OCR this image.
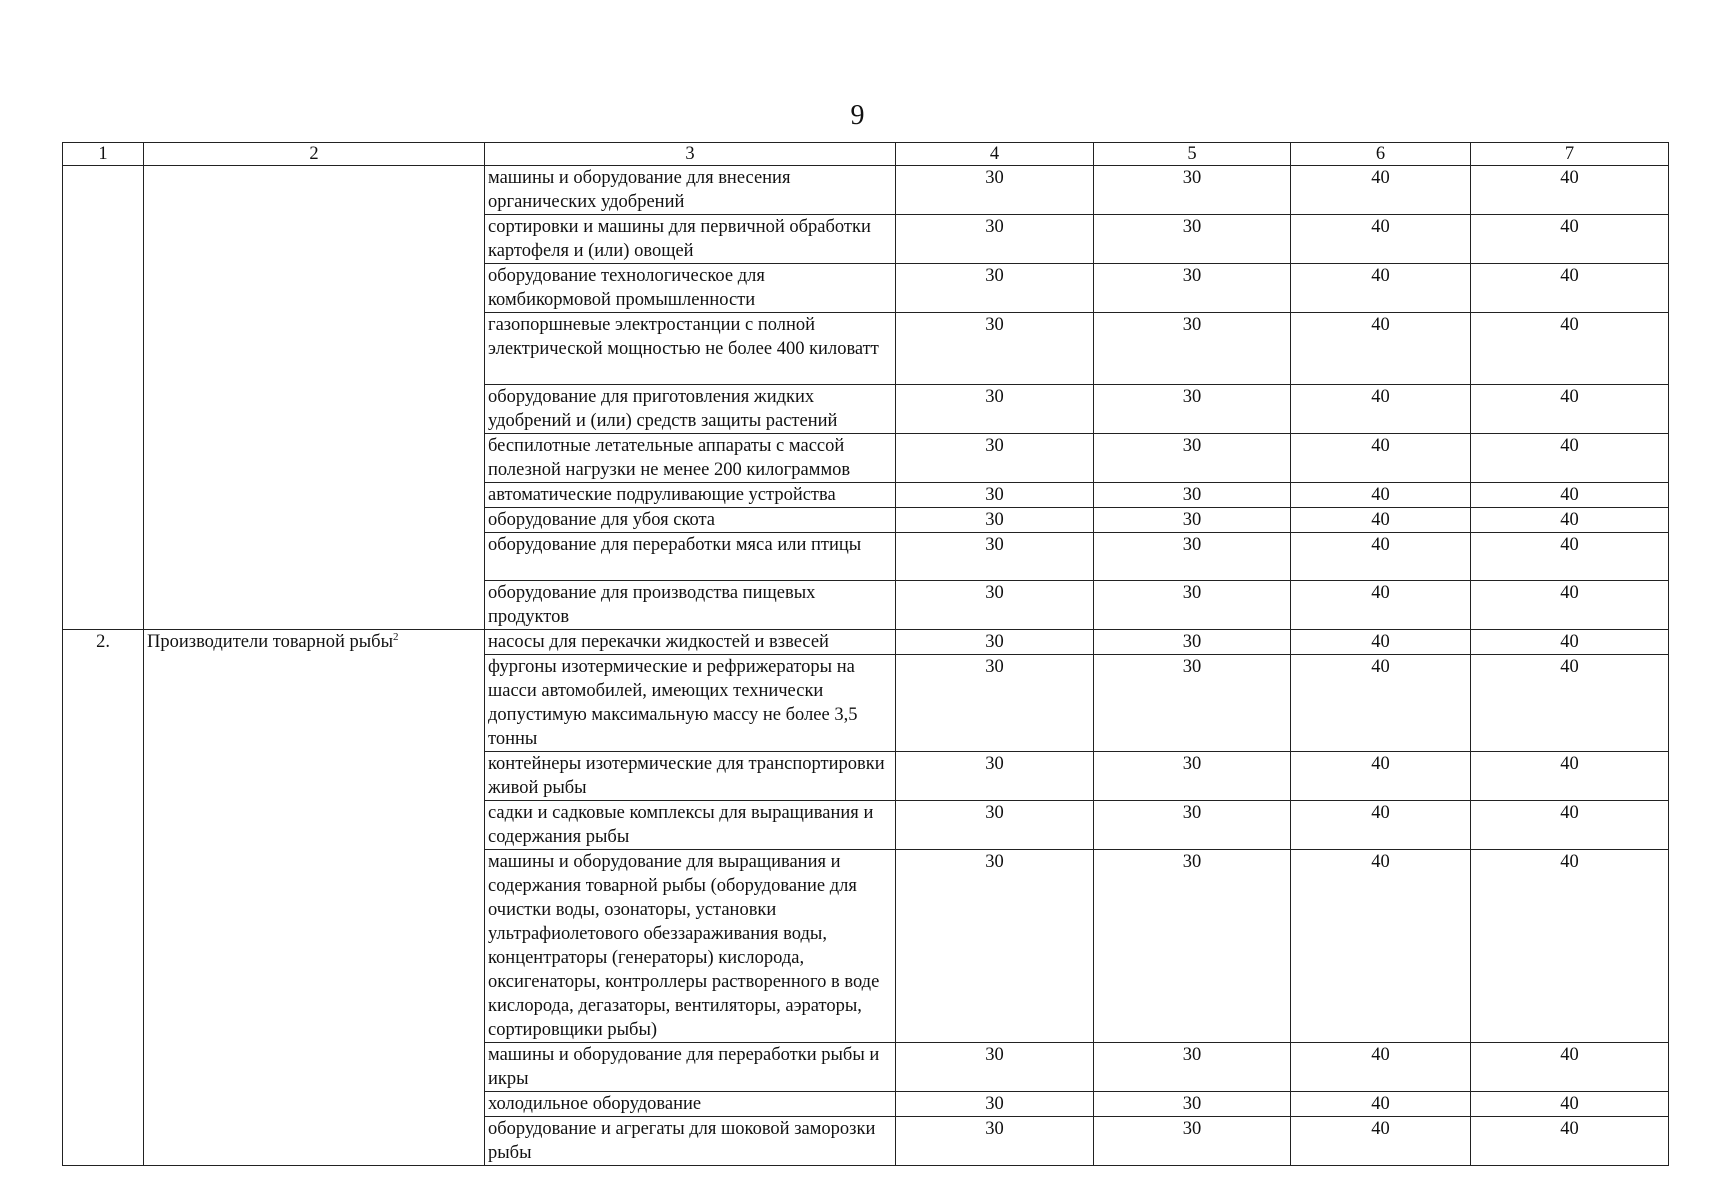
9
1	2	3	4	5	6	7
		машины и оборудование для внесения органических удобрений	30	30	40	40
		сортировки и машины для первичной обработки картофеля и (или) овощей	30	30	40	40
		оборудование технологическое для комбикормовой промышленности	30	30	40	40
		газопоршневые электростанции с полной электрической мощностью не более 400 киловатт	30	30	40	40
		оборудование для приготовления жидких удобрений и (или) средств защиты растений	30	30	40	40
		беспилотные летательные аппараты с массой полезной нагрузки не менее 200 килограммов	30	30	40	40
		автоматические подруливающие устройства	30	30	40	40
		оборудование для убоя скота	30	30	40	40
		оборудование для переработки мяса или птицы	30	30	40	40
		оборудование для производства пищевых продуктов	30	30	40	40
2.	Производители товарной рыбы$^2$	насосы для перекачки жидкостей и взвесей	30	30	40	40
		фургоны изотермические и рефрижераторы на шасси автомобилей, имеющих технически допустимую максимальную массу не более 3,5 тонны	30	30	40	40
		контейнеры изотермические для транспортировки живой рыбы	30	30	40	40
		садки и садковые комплексы для выращивания и содержания рыбы	30	30	40	40
		машины и оборудование для выращивания и содержания товарной рыбы (оборудование для очистки воды, озонаторы, установки ультрафиолетового обеззараживания воды, концентраторы (генераторы) кислорода, оксигенаторы, контроллеры растворенного в воде кислорода, дегазаторы, вентиляторы, аэраторы, сортировщики рыбы)	30	30	40	40
		машины и оборудование для переработки рыбы и икры	30	30	40	40
		холодильное оборудование	30	30	40	40
		оборудование и агрегаты для шоковой заморозки рыбы	30	30	40	40
